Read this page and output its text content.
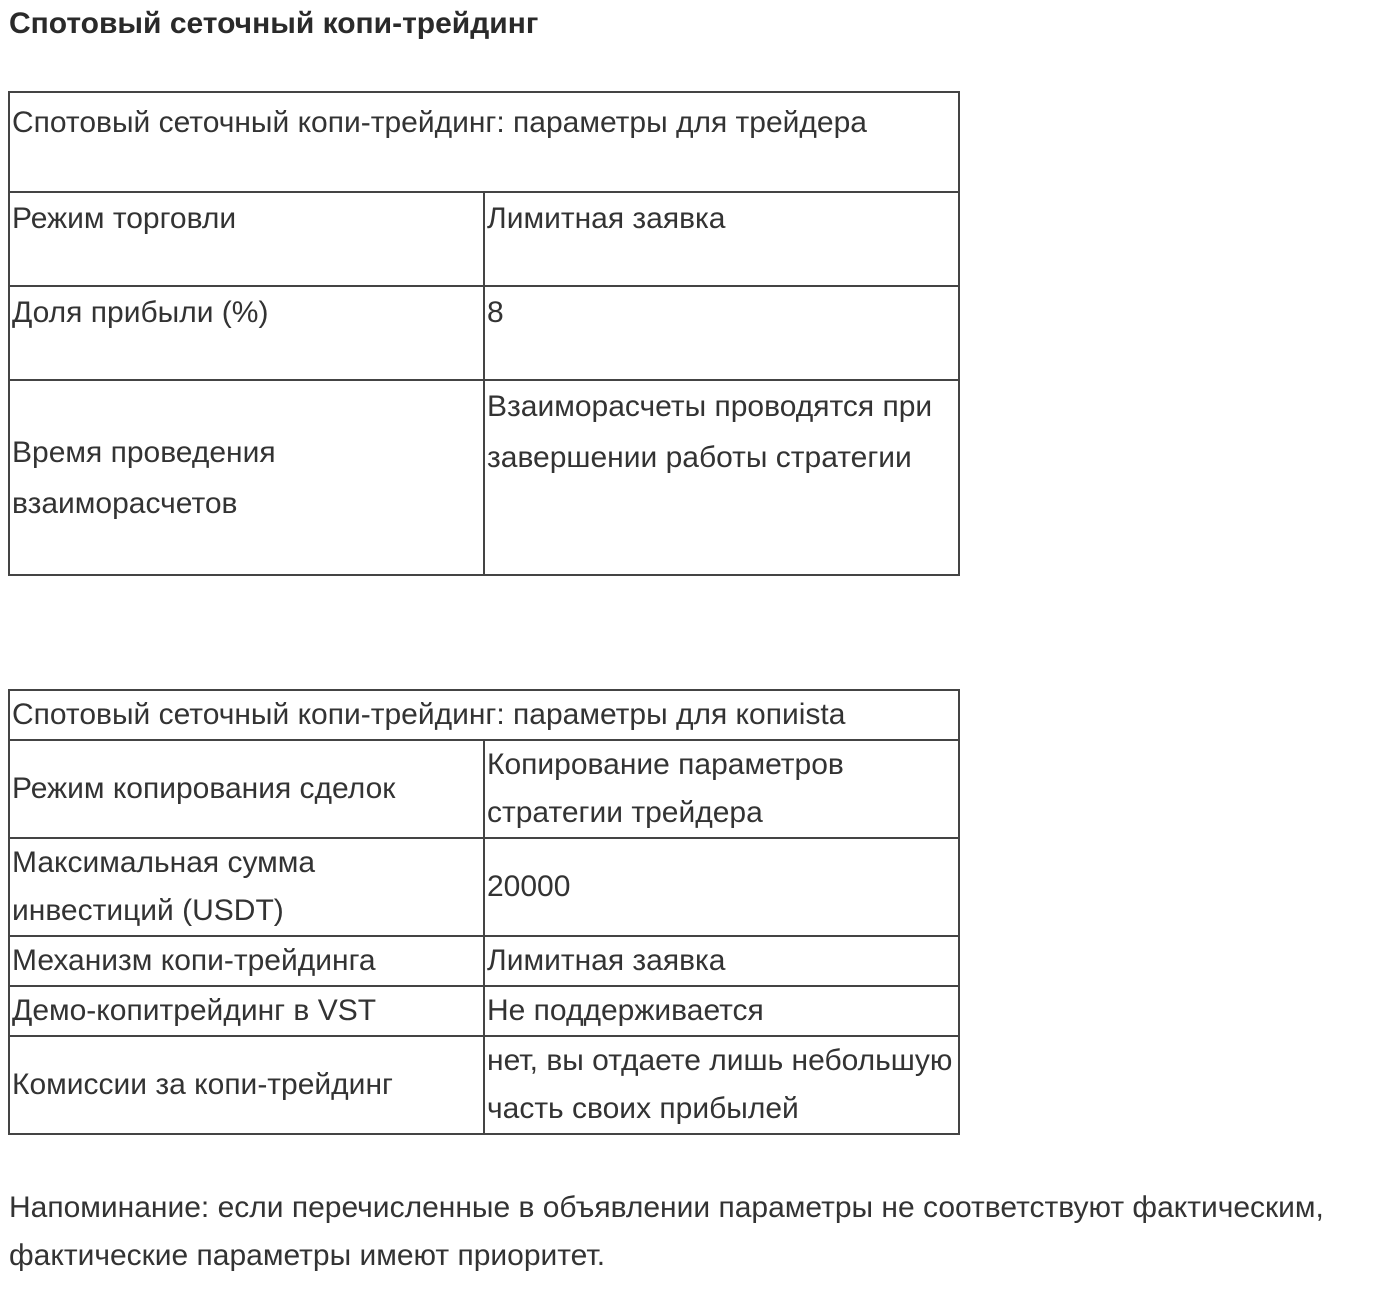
Спотовый сеточный копи-трейдинг
Спотовый сеточный копи-трейдинг: параметры для трейдера	
Режим торговли	Лимитная заявка
Доля прибыли (%)	8
Время проведения взаиморасчетов	Взаиморасчеты проводятся при завершении работы стратегии
Спотовый сеточный копи-трейдинг: параметры для копиista	
Режим копирования сделок	Копирование параметров стратегии трейдера
Максимальная сумма инвестиций (USDT)	20000
Механизм копи-трейдинга	Лимитная заявка
Демо-копитрейдинг в VST	Не поддерживается
Комиссии за копи-трейдинг	нет, вы отдаете лишь небольшую часть своих прибылей

Напоминание: если перечисленные в объявлении параметры не соответствуют фактическим, фактические параметры имеют приоритет.
